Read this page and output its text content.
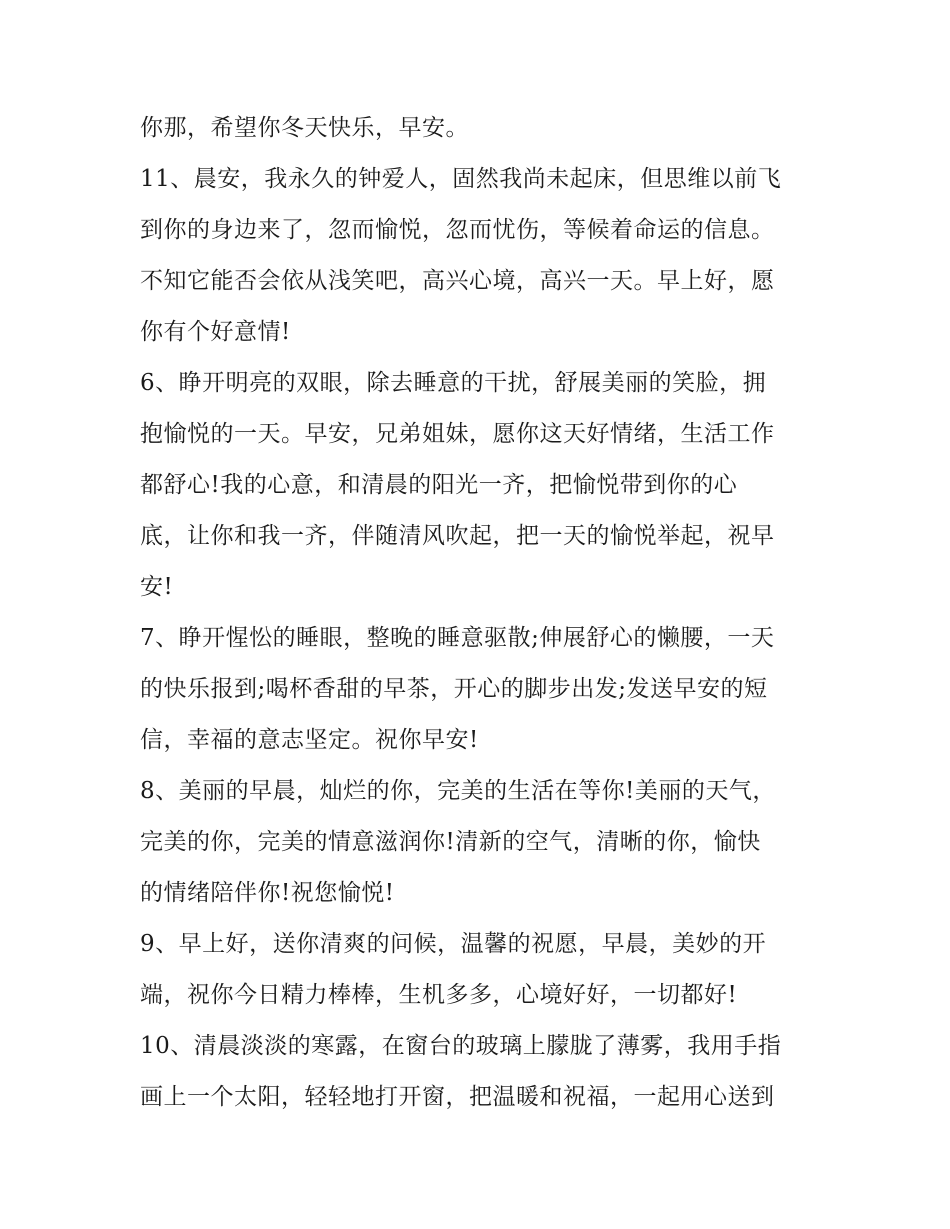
你那，希望你冬天快乐，早安。
11、晨安，我永久的钟爱人，固然我尚未起床，但思维以前飞
到你的身边来了，忽而愉悦，忽而忧伤，等候着命运的信息。
不知它能否会依从浅笑吧，高兴心境，高兴一天。早上好，愿
你有个好意情!
6、睁开明亮的双眼，除去睡意的干扰，舒展美丽的笑脸，拥
抱愉悦的一天。早安，兄弟姐妹，愿你这天好情绪，生活工作
都舒心!我的心意，和清晨的阳光一齐，把愉悦带到你的心
底，让你和我一齐，伴随清风吹起，把一天的愉悦举起，祝早
安!
7、睁开惺忪的睡眼，整晚的睡意驱散;伸展舒心的懒腰，一天
的快乐报到;喝杯香甜的早茶，开心的脚步出发;发送早安的短
信，幸福的意志坚定。祝你早安!
8、美丽的早晨，灿烂的你，完美的生活在等你!美丽的天气，
完美的你，完美的情意滋润你!清新的空气，清晰的你，愉快
的情绪陪伴你!祝您愉悦!
9、早上好，送你清爽的问候，温馨的祝愿，早晨，美妙的开
端，祝你今日精力棒棒，生机多多，心境好好，一切都好!
10、清晨淡淡的寒露，在窗台的玻璃上朦胧了薄雾，我用手指
画上一个太阳，轻轻地打开窗，把温暖和祝福，一起用心送到
